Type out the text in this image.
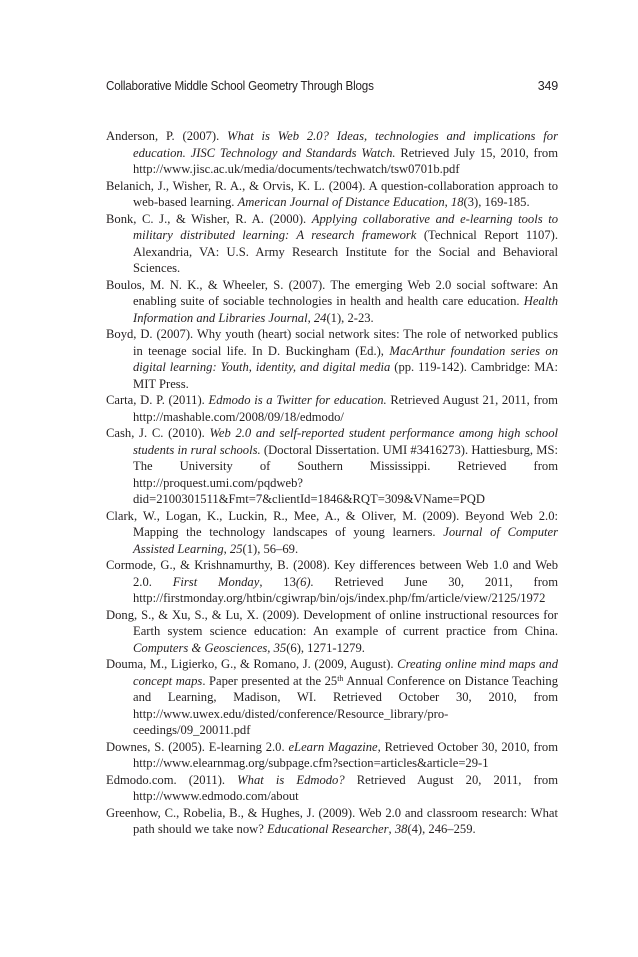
Collaborative Middle School Geometry Through Blogs	349

Anderson, P. (2007). What is Web 2.0? Ideas, technologies and implications for education. JISC Technology and Standards Watch. Retrieved July 15, 2010, from http://www.jisc.ac.uk/media/documents/techwatch/tsw0701b.pdf

Belanich, J., Wisher, R. A., & Orvis, K. L. (2004). A question-collaboration approach to web-based learning. American Journal of Distance Education, 18(3), 169-185.

Bonk, C. J., & Wisher, R. A. (2000). Applying collaborative and e-learning tools to military distributed learning: A research framework (Technical Report 1107). Alexandria, VA: U.S. Army Research Institute for the Social and Behavioral Sciences.

Boulos, M. N. K., & Wheeler, S. (2007). The emerging Web 2.0 social software: An enabling suite of sociable technologies in health and health care education. Health Information and Libraries Journal, 24(1), 2-23.

Boyd, D. (2007). Why youth (heart) social network sites: The role of networked publics in teenage social life. In D. Buckingham (Ed.), MacArthur foundation series on digital learning: Youth, identity, and digital media (pp. 119-142). Cambridge: MA: MIT Press.

Carta, D. P. (2011). Edmodo is a Twitter for education. Retrieved August 21, 2011, from http://mashable.com/2008/09/18/edmodo/

Cash, J. C. (2010). Web 2.0 and self-reported student performance among high school students in rural schools. (Doctoral Dissertation. UMI #3416273). Hattiesburg, MS: The University of Southern Mississippi. Retrieved from http://proquest.umi.com/pqdweb?did=2100301511&Fmt=7&clientId=1846&RQT=309&VName=PQD

Clark, W., Logan, K., Luckin, R., Mee, A., & Oliver, M. (2009). Beyond Web 2.0: Mapping the technology landscapes of young learners. Journal of Computer Assisted Learning, 25(1), 56–69.

Cormode, G., & Krishnamurthy, B. (2008). Key differences between Web 1.0 and Web 2.0. First Monday, 13(6). Retrieved June 30, 2011, from http://firstmonday.org/htbin/cgiwrap/bin/ojs/index.php/fm/article/view/2125/1972

Dong, S., & Xu, S., & Lu, X. (2009). Development of online instructional resources for Earth system science education: An example of current practice from China. Computers & Geosciences, 35(6), 1271-1279.

Douma, M., Ligierko, G., & Romano, J. (2009, August). Creating online mind maps and concept maps. Paper presented at the 25th Annual Conference on Distance Teaching and Learning, Madison, WI. Retrieved October 30, 2010, from http://www.uwex.edu/disted/conference/Resource_library/proceedings/09_20011.pdf

Downes, S. (2005). E-learning 2.0. eLearn Magazine, Retrieved October 30, 2010, from http://www.elearnmag.org/subpage.cfm?section=articles&article=29-1

Edmodo.com. (2011). What is Edmodo? Retrieved August 20, 2011, from http://wwww.edmodo.com/about

Greenhow, C., Robelia, B., & Hughes, J. (2009). Web 2.0 and classroom research: What path should we take now? Educational Researcher, 38(4), 246–259.
